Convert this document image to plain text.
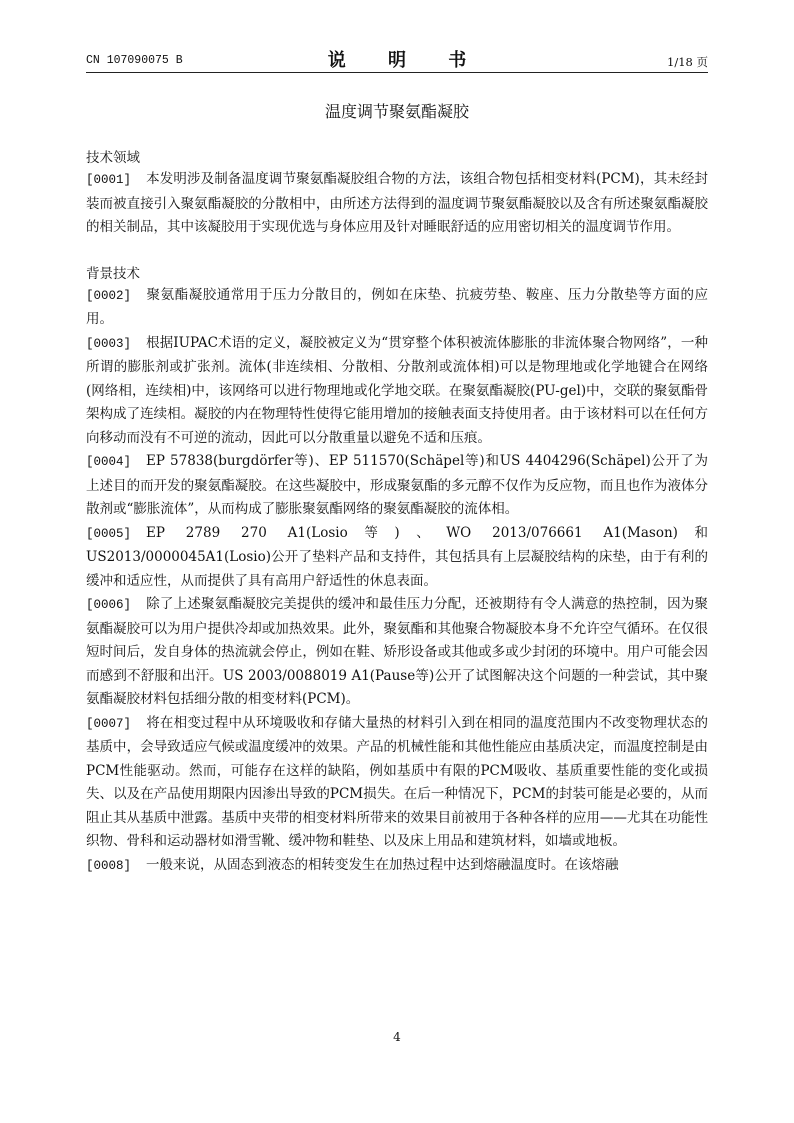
CN 107090075 B	说 明 书	1/18 页
温度调节聚氨酯凝胶
技术领域

[0001] 本发明涉及制备温度调节聚氨酯凝胶组合物的方法，该组合物包括相变材料(PCM)，其未经封装而被直接引入聚氨酯凝胶的分散相中，由所述方法得到的温度调节聚氨酯凝胶以及含有所述聚氨酯凝胶的相关制品，其中该凝胶用于实现优选与身体应用及针对睡眠舒适的应用密切相关的温度调节作用。

背景技术

[0002] 聚氨酯凝胶通常用于压力分散目的，例如在床垫、抗疲劳垫、鞍座、压力分散垫等方面的应用。

[0003] 根据IUPAC术语的定义，凝胶被定义为“贯穿整个体积被流体膨胀的非流体聚合物网络”，一种所谓的膨胀剂或扩张剂。流体(非连续相、分散相、分散剂或流体相)可以是物理地或化学地键合在网络(网络相，连续相)中，该网络可以进行物理地或化学地交联。在聚氨酯凝胶(PU-gel)中，交联的聚氨酯骨架构成了连续相。凝胶的内在物理特性使得它能用增加的接触表面支持使用者。由于该材料可以在任何方向移动而没有不可逆的流动，因此可以分散重量以避免不适和压痕。

[0004] EP 57838(burgdörfer等)、EP 511570(Schäpel等)和US 4404296(Schäpel)公开了为上述目的而开发的聚氨酯凝胶。在这些凝胶中，形成聚氨酯的多元醇不仅作为反应物，而且也作为液体分散剂或“膨胀流体”，从而构成了膨胀聚氨酯网络的聚氨酯凝胶的流体相。

[0005] EP 2789 270 A1(Losio等)、WO 2013/076661 A1(Mason)和US2013/0000045A1(Losio)公开了垫料产品和支持件，其包括具有上层凝胶结构的床垫，由于有利的缓冲和适应性，从而提供了具有高用户舒适性的休息表面。

[0006] 除了上述聚氨酯凝胶完美提供的缓冲和最佳压力分配，还被期待有令人满意的热控制，因为聚氨酯凝胶可以为用户提供冷却或加热效果。此外，聚氨酯和其他聚合物凝胶本身不允许空气循环。在仅很短时间后，发自身体的热流就会停止，例如在鞋、矫形设备或其他或多或少封闭的环境中。用户可能会因而感到不舒服和出汗。US 2003/0088019 A1(Pause等)公开了试图解决这个问题的一种尝试，其中聚氨酯凝胶材料包括细分散的相变材料(PCM)。

[0007] 将在相变过程中从环境吸收和存储大量热的材料引入到在相同的温度范围内不改变物理状态的基质中，会导致适应气候或温度缓冲的效果。产品的机械性能和其他性能应由基质决定，而温度控制是由PCM性能驱动。然而，可能存在这样的缺陷，例如基质中有限的PCM吸收、基质重要性能的变化或损失、以及在产品使用期限内因渗出导致的PCM损失。在后一种情况下，PCM的封装可能是必要的，从而阻止其从基质中泄露。基质中夹带的相变材料所带来的效果目前被用于各种各样的应用——尤其在功能性织物、骨科和运动器材如滑雪靴、缓冲物和鞋垫、以及床上用品和建筑材料，如墙或地板。

[0008] 一般来说，从固态到液态的相转变发生在加热过程中达到熔融温度时。在该熔融

4
